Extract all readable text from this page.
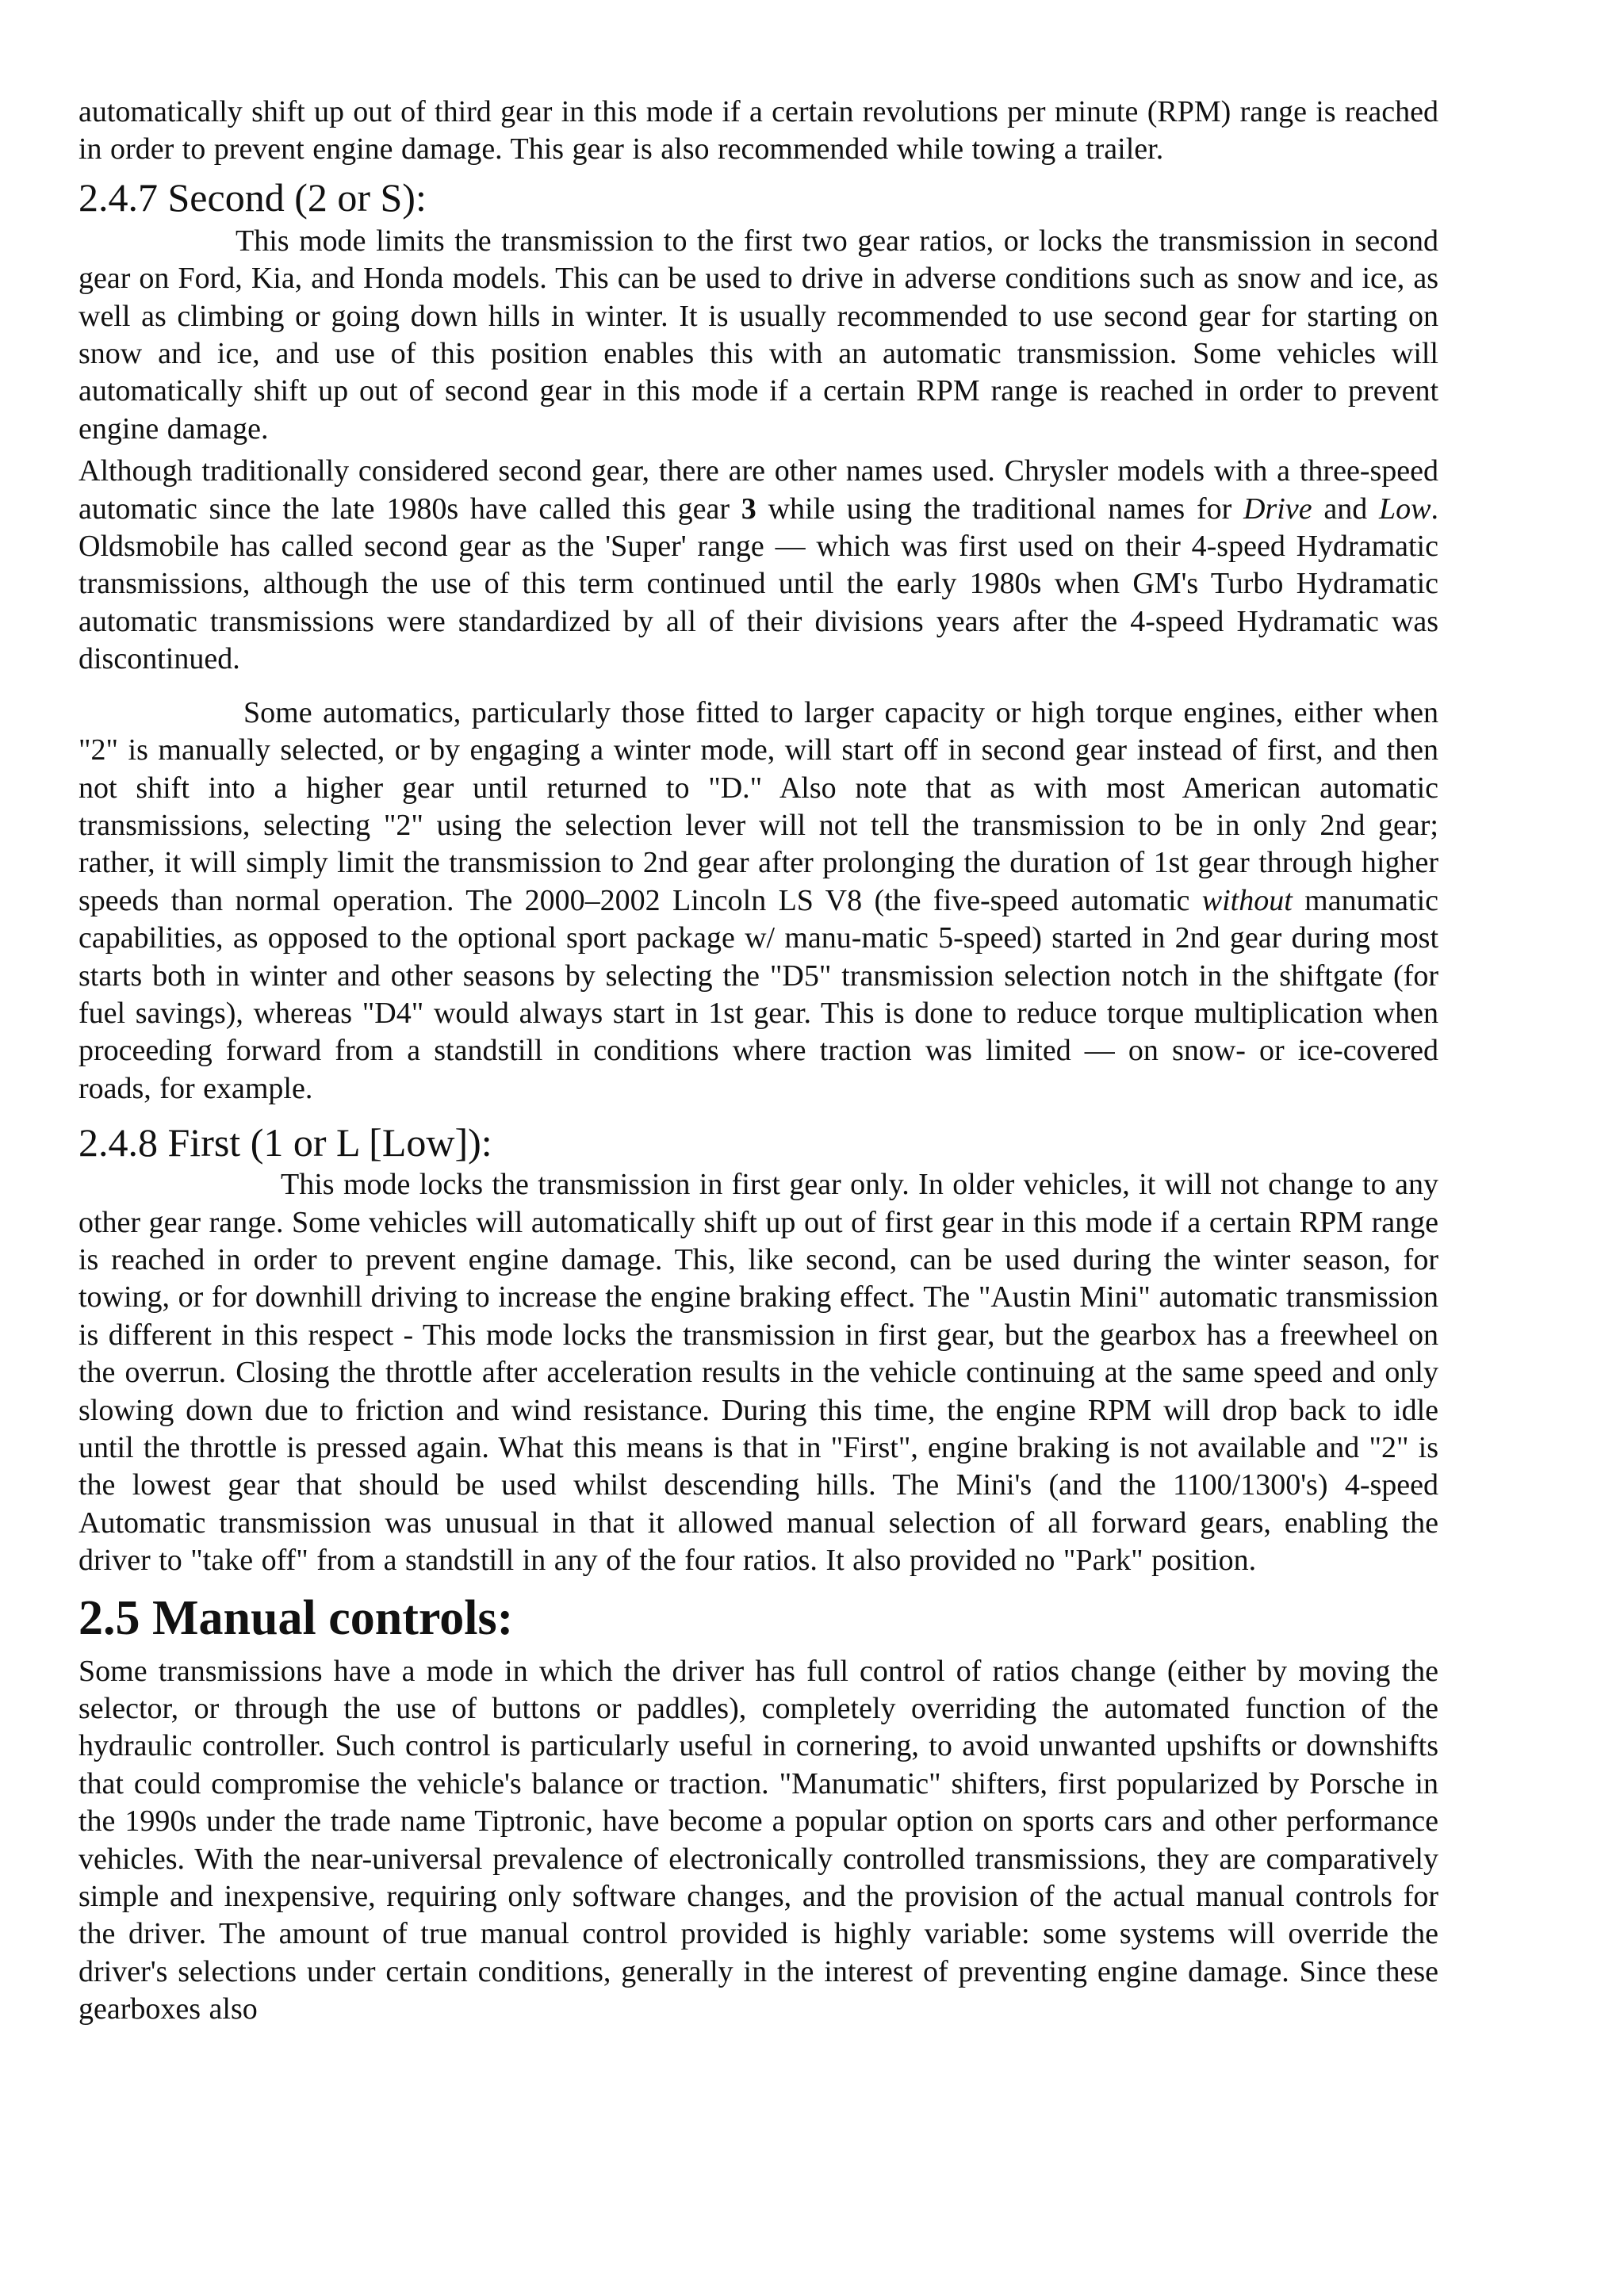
automatically shift up out of third gear in this mode if a certain revolutions per minute (RPM) range is reached in order to prevent engine damage. This gear is also recommended while towing a trailer.

2.4.7 Second (2 or S):

This mode limits the transmission to the first two gear ratios, or locks the transmission in second gear on Ford, Kia, and Honda models. This can be used to drive in adverse conditions such as snow and ice, as well as climbing or going down hills in winter. It is usually recommended to use second gear for starting on snow and ice, and use of this position enables this with an automatic transmission. Some vehicles will automatically shift up out of second gear in this mode if a certain RPM range is reached in order to prevent engine damage.

Although traditionally considered second gear, there are other names used. Chrysler models with a three-speed automatic since the late 1980s have called this gear 3 while using the traditional names for Drive and Low. Oldsmobile has called second gear as the 'Super' range — which was first used on their 4-speed Hydramatic transmissions, although the use of this term continued until the early 1980s when GM's Turbo Hydramatic automatic transmissions were standardized by all of their divisions years after the 4-speed Hydramatic was discontinued.

Some automatics, particularly those fitted to larger capacity or high torque engines, either when "2" is manually selected, or by engaging a winter mode, will start off in second gear instead of first, and then not shift into a higher gear until returned to "D." Also note that as with most American automatic transmissions, selecting "2" using the selection lever will not tell the transmission to be in only 2nd gear; rather, it will simply limit the transmission to 2nd gear after prolonging the duration of 1st gear through higher speeds than normal operation. The 2000–2002 Lincoln LS V8 (the five-speed automatic without manumatic capabilities, as opposed to the optional sport package w/ manu-matic 5-speed) started in 2nd gear during most starts both in winter and other seasons by selecting the "D5" transmission selection notch in the shiftgate (for fuel savings), whereas "D4" would always start in 1st gear. This is done to reduce torque multiplication when proceeding forward from a standstill in conditions where traction was limited — on snow- or ice-covered roads, for example.

2.4.8 First (1 or L [Low]):

This mode locks the transmission in first gear only. In older vehicles, it will not change to any other gear range. Some vehicles will automatically shift up out of first gear in this mode if a certain RPM range is reached in order to prevent engine damage. This, like second, can be used during the winter season, for towing, or for downhill driving to increase the engine braking effect. The "Austin Mini" automatic transmission is different in this respect - This mode locks the transmission in first gear, but the gearbox has a freewheel on the overrun. Closing the throttle after acceleration results in the vehicle continuing at the same speed and only slowing down due to friction and wind resistance. During this time, the engine RPM will drop back to idle until the throttle is pressed again. What this means is that in "First", engine braking is not available and "2" is the lowest gear that should be used whilst descending hills. The Mini's (and the 1100/1300's) 4-speed Automatic transmission was unusual in that it allowed manual selection of all forward gears, enabling the driver to "take off" from a standstill in any of the four ratios. It also provided no "Park" position.

2.5 Manual controls:

Some transmissions have a mode in which the driver has full control of ratios change (either by moving the selector, or through the use of buttons or paddles), completely overriding the automated function of the hydraulic controller. Such control is particularly useful in cornering, to avoid unwanted upshifts or downshifts that could compromise the vehicle's balance or traction. "Manumatic" shifters, first popularized by Porsche in the 1990s under the trade name Tiptronic, have become a popular option on sports cars and other performance vehicles. With the near-universal prevalence of electronically controlled transmissions, they are comparatively simple and inexpensive, requiring only software changes, and the provision of the actual manual controls for the driver. The amount of true manual control provided is highly variable: some systems will override the driver's selections under certain conditions, generally in the interest of preventing engine damage. Since these gearboxes also
